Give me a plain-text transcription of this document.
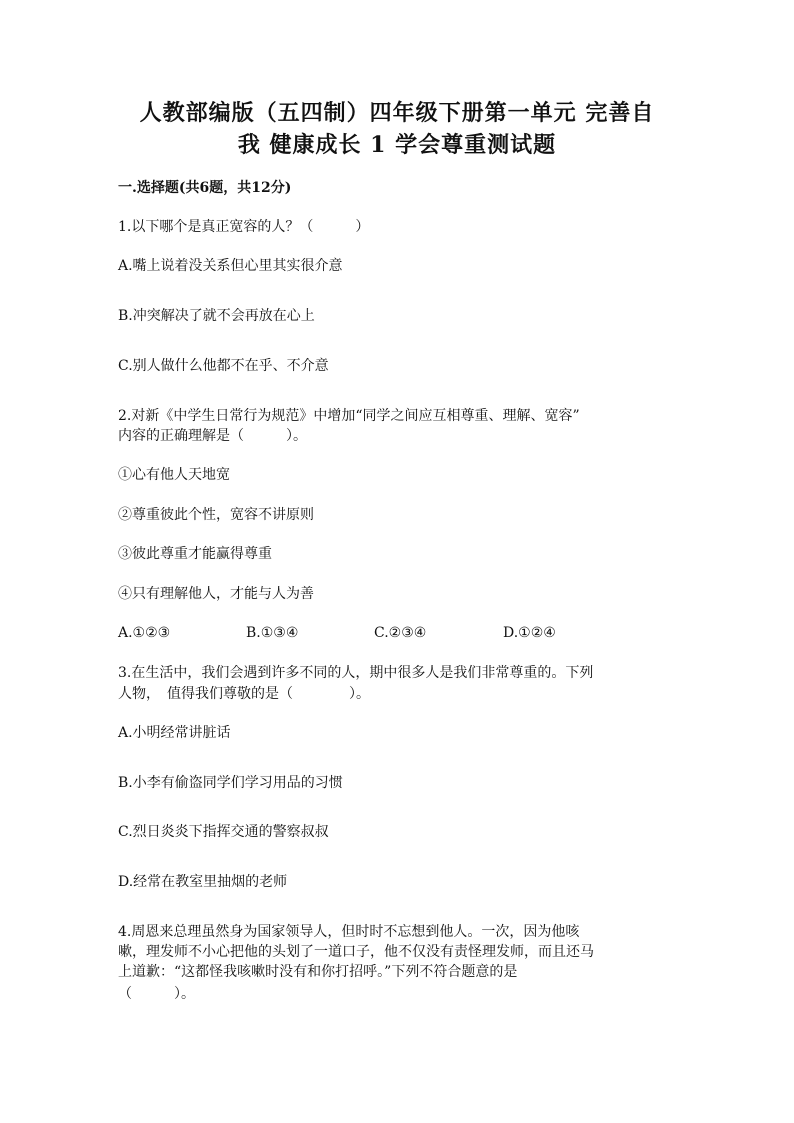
人教部编版（五四制）四年级下册第一单元 完善自
我 健康成长 1 学会尊重测试题
一.选择题(共6题，共12分)
1.以下哪个是真正宽容的人？（　　　）
A.嘴上说着没关系但心里其实很介意
B.冲突解决了就不会再放在心上
C.别人做什么他都不在乎、不介意
2.对新《中学生日常行为规范》中增加“同学之间应互相尊重、理解、宽容”
内容的正确理解是（　　　）。
①心有他人天地宽
②尊重彼此个性，宽容不讲原则
③彼此尊重才能赢得尊重
④只有理解他人，才能与人为善
A.①②③	B.①③④	C.②③④	D.①②④
3.在生活中，我们会遇到许多不同的人，期中很多人是我们非常尊重的。下列
人物，　值得我们尊敬的是（　　　　）。
A.小明经常讲脏话
B.小李有偷盗同学们学习用品的习惯
C.烈日炎炎下指挥交通的警察叔叔
D.经常在教室里抽烟的老师
4.周恩来总理虽然身为国家领导人，但时时不忘想到他人。一次，因为他咳
嗽，理发师不小心把他的头划了一道口子，他不仅没有责怪理发师，而且还马
上道歉：“这都怪我咳嗽时没有和你打招呼。”下列不符合题意的是
（　　　）。
